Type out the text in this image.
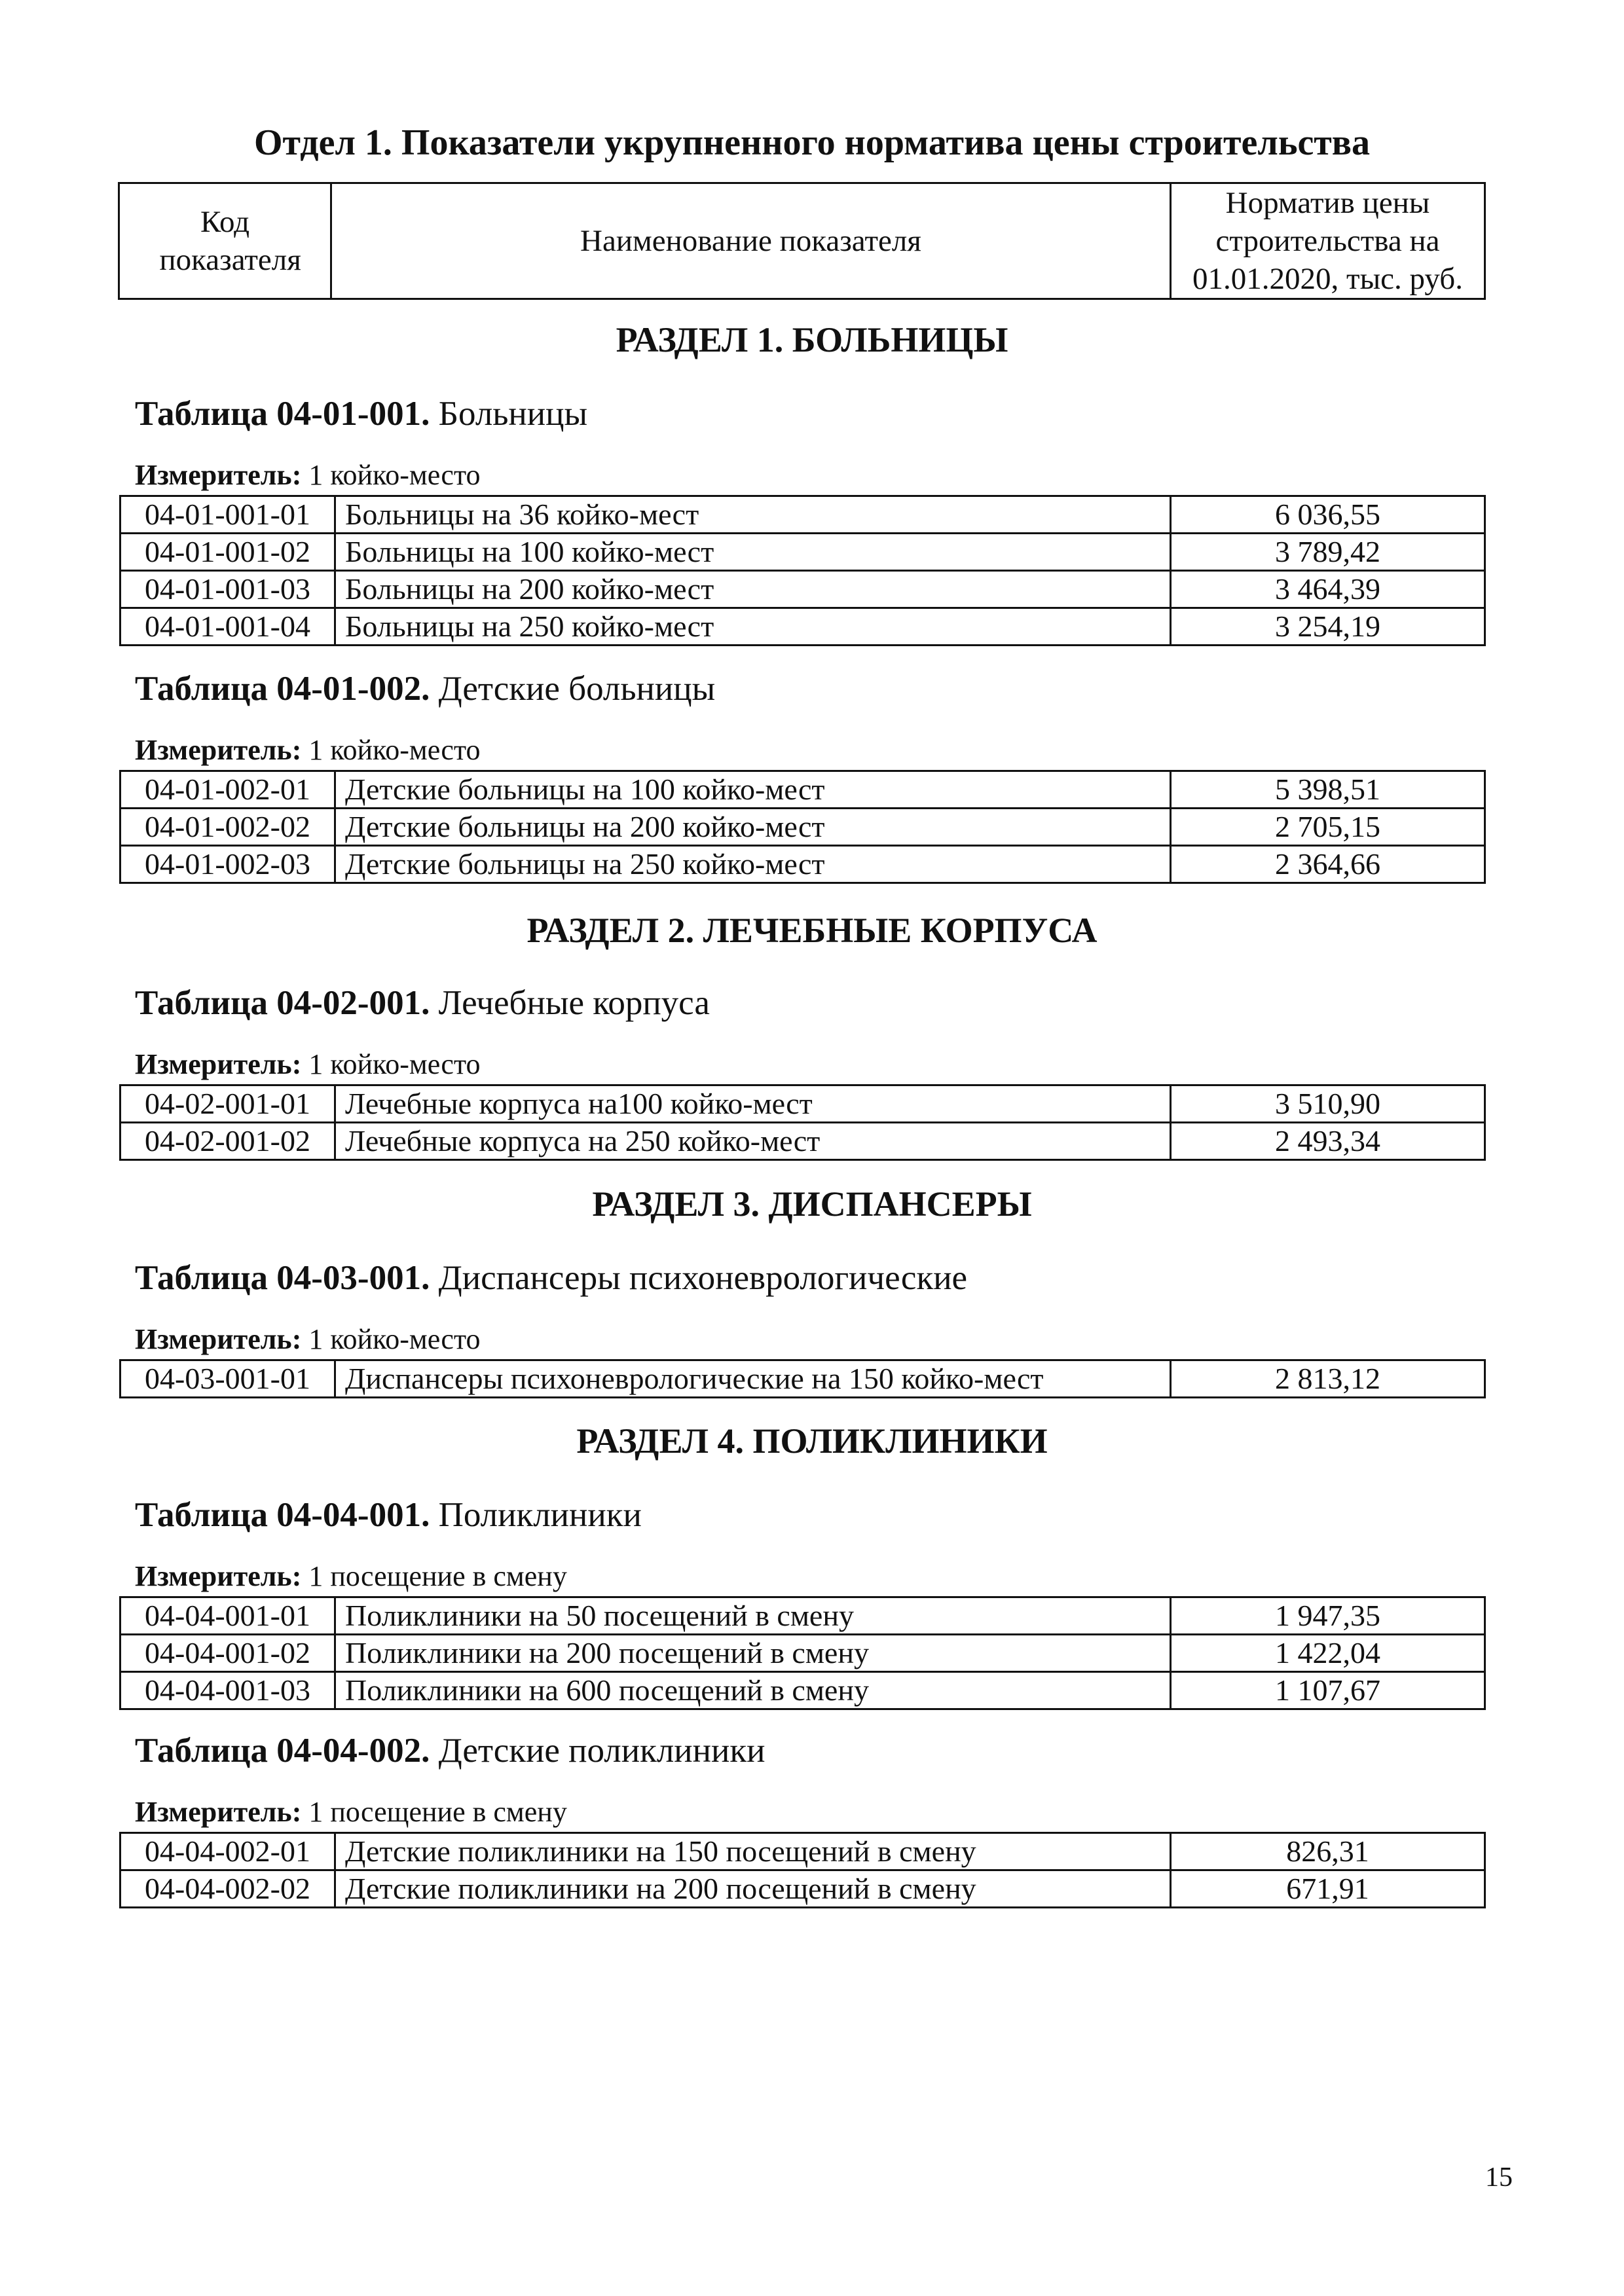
Отдел 1. Показатели укрупненного норматива цены строительства
Код показателя	Наименование показателя	Норматив цены строительства на 01.01.2020, тыс. руб.
РАЗДЕЛ 1. БОЛЬНИЦЫ
Таблица 04-01-001. Больницы
Измеритель: 1 койко-место
04-01-001-01	Больницы на 36 койко-мест	6 036,55
04-01-001-02	Больницы на 100 койко-мест	3 789,42
04-01-001-03	Больницы на 200 койко-мест	3 464,39
04-01-001-04	Больницы на 250 койко-мест	3 254,19
Таблица 04-01-002. Детские больницы
Измеритель: 1 койко-место
04-01-002-01	Детские больницы на 100 койко-мест	5 398,51
04-01-002-02	Детские больницы на 200 койко-мест	2 705,15
04-01-002-03	Детские больницы на 250 койко-мест	2 364,66
РАЗДЕЛ 2. ЛЕЧЕБНЫЕ КОРПУСА
Таблица 04-02-001. Лечебные корпуса
Измеритель: 1 койко-место
04-02-001-01	Лечебные корпуса на100 койко-мест	3 510,90
04-02-001-02	Лечебные корпуса на 250 койко-мест	2 493,34
РАЗДЕЛ 3. ДИСПАНСЕРЫ
Таблица 04-03-001. Диспансеры психоневрологические
Измеритель: 1 койко-место
04-03-001-01	Диспансеры психоневрологические на 150 койко-мест	2 813,12
РАЗДЕЛ 4. ПОЛИКЛИНИКИ
Таблица 04-04-001. Поликлиники
Измеритель: 1 посещение в смену
04-04-001-01	Поликлиники на 50 посещений в смену	1 947,35
04-04-001-02	Поликлиники на 200 посещений в смену	1 422,04
04-04-001-03	Поликлиники на 600 посещений в смену	1 107,67
Таблица 04-04-002. Детские поликлиники
Измеритель: 1 посещение в смену
04-04-002-01	Детские поликлиники на 150 посещений в смену	826,31
04-04-002-02	Детские поликлиники на 200 посещений в смену	671,91
15
